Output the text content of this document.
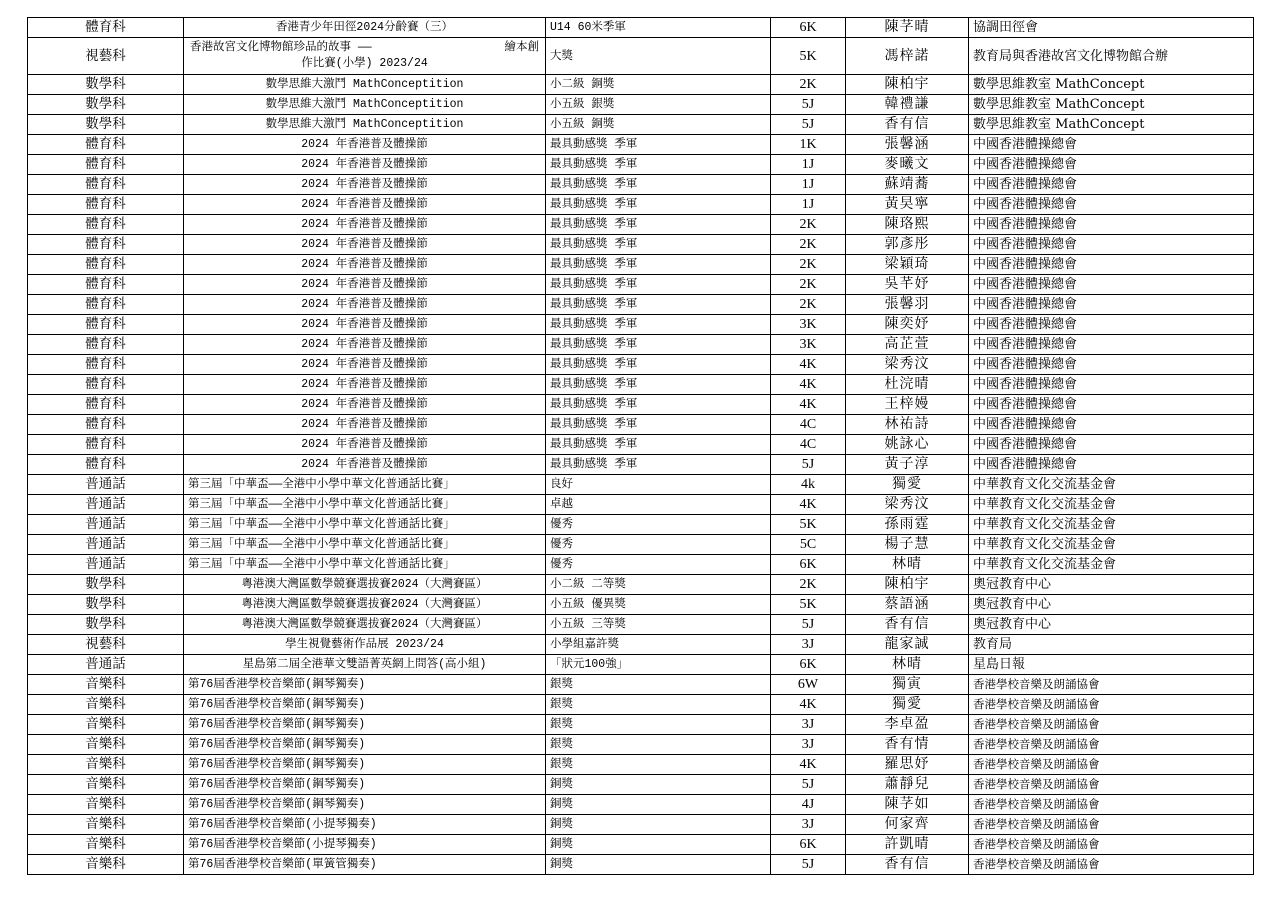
體育科	香港青少年田徑2024分齡賽（三）	U14 60米季軍	6K	陳芓晴	協調田徑會
視藝科	香港故宮文化博物館珍品的故事 —— 繪本創
作比賽(小學) 2023/24	大獎	5K	馮梓諾	教育局與香港故宮文化博物館合辦
數學科	數學思維大激鬥 MathConceptition	小二級 銅獎	2K	陳柏宇	數學思維教室 MathConcept
數學科	數學思維大激鬥 MathConceptition	小五級 銀獎	5J	韓禮謙	數學思維教室 MathConcept
數學科	數學思維大激鬥 MathConceptition	小五級 銅獎	5J	香有信	數學思維教室 MathConcept
體育科	2024 年香港普及體操節	最具動感獎 季軍	1K	張馨涵	中國香港體操總會
體育科	2024 年香港普及體操節	最具動感獎 季軍	1J	麥曦文	中國香港體操總會
體育科	2024 年香港普及體操節	最具動感獎 季軍	1J	蘇靖蕎	中國香港體操總會
體育科	2024 年香港普及體操節	最具動感獎 季軍	1J	黃旲寧	中國香港體操總會
體育科	2024 年香港普及體操節	最具動感獎 季軍	2K	陳珞熙	中國香港體操總會
體育科	2024 年香港普及體操節	最具動感獎 季軍	2K	郭彥彤	中國香港體操總會
體育科	2024 年香港普及體操節	最具動感獎 季軍	2K	梁穎琦	中國香港體操總會
體育科	2024 年香港普及體操節	最具動感獎 季軍	2K	吳芊妤	中國香港體操總會
體育科	2024 年香港普及體操節	最具動感獎 季軍	2K	張馨羽	中國香港體操總會
體育科	2024 年香港普及體操節	最具動感獎 季軍	3K	陳奕妤	中國香港體操總會
體育科	2024 年香港普及體操節	最具動感獎 季軍	3K	高芷萱	中國香港體操總會
體育科	2024 年香港普及體操節	最具動感獎 季軍	4K	梁秀汶	中國香港體操總會
體育科	2024 年香港普及體操節	最具動感獎 季軍	4K	杜浣晴	中國香港體操總會
體育科	2024 年香港普及體操節	最具動感獎 季軍	4K	王梓嫚	中國香港體操總會
體育科	2024 年香港普及體操節	最具動感獎 季軍	4C	林祐詩	中國香港體操總會
體育科	2024 年香港普及體操節	最具動感獎 季軍	4C	姚詠心	中國香港體操總會
體育科	2024 年香港普及體操節	最具動感獎 季軍	5J	黃子淳	中國香港體操總會
普通話	第三屆「中華盃——全港中小學中華文化普通話比賽」	良好	4k	獨愛	中華教育文化交流基金會
普通話	第三屆「中華盃——全港中小學中華文化普通話比賽」	卓越	4K	梁秀汶	中華教育文化交流基金會
普通話	第三屆「中華盃——全港中小學中華文化普通話比賽」	優秀	5K	孫雨霆	中華教育文化交流基金會
普通話	第三屆「中華盃——全港中小學中華文化普通話比賽」	優秀	5C	楊子慧	中華教育文化交流基金會
普通話	第三屆「中華盃——全港中小學中華文化普通話比賽」	優秀	6K	林晴	中華教育文化交流基金會
數學科	粵港澳大灣區數學競賽選拔賽2024（大灣賽區）	小二級 二等獎	2K	陳柏宇	奧冠教育中心
數學科	粵港澳大灣區數學競賽選拔賽2024（大灣賽區）	小五級 優異獎	5K	蔡語涵	奧冠教育中心
數學科	粵港澳大灣區數學競賽選拔賽2024（大灣賽區）	小五級 三等獎	5J	香有信	奧冠教育中心
視藝科	學生視覺藝術作品展 2023/24	小學組嘉許獎	3J	龍家誠	教育局
普通話	星島第二屆全港華文雙語菁英網上問答(高小組)	「狀元100強」	6K	林晴	星島日報
音樂科	第76屆香港學校音樂節(鋼琴獨奏)	銀獎	6W	獨寅	香港學校音樂及朗誦協會
音樂科	第76屆香港學校音樂節(鋼琴獨奏)	銀獎	4K	獨愛	香港學校音樂及朗誦協會
音樂科	第76屆香港學校音樂節(鋼琴獨奏)	銀獎	3J	李卓盈	香港學校音樂及朗誦協會
音樂科	第76屆香港學校音樂節(鋼琴獨奏)	銀獎	3J	香有情	香港學校音樂及朗誦協會
音樂科	第76屆香港學校音樂節(鋼琴獨奏)	銀獎	4K	羅思妤	香港學校音樂及朗誦協會
音樂科	第76屆香港學校音樂節(鋼琴獨奏)	銅獎	5J	蕭靜兒	香港學校音樂及朗誦協會
音樂科	第76屆香港學校音樂節(鋼琴獨奏)	銅獎	4J	陳芓如	香港學校音樂及朗誦協會
音樂科	第76屆香港學校音樂節(小提琴獨奏)	銅獎	3J	何家齊	香港學校音樂及朗誦協會
音樂科	第76屆香港學校音樂節(小提琴獨奏)	銅獎	6K	許凱晴	香港學校音樂及朗誦協會
音樂科	第76屆香港學校音樂節(單簧管獨奏)	銅獎	5J	香有信	香港學校音樂及朗誦協會
